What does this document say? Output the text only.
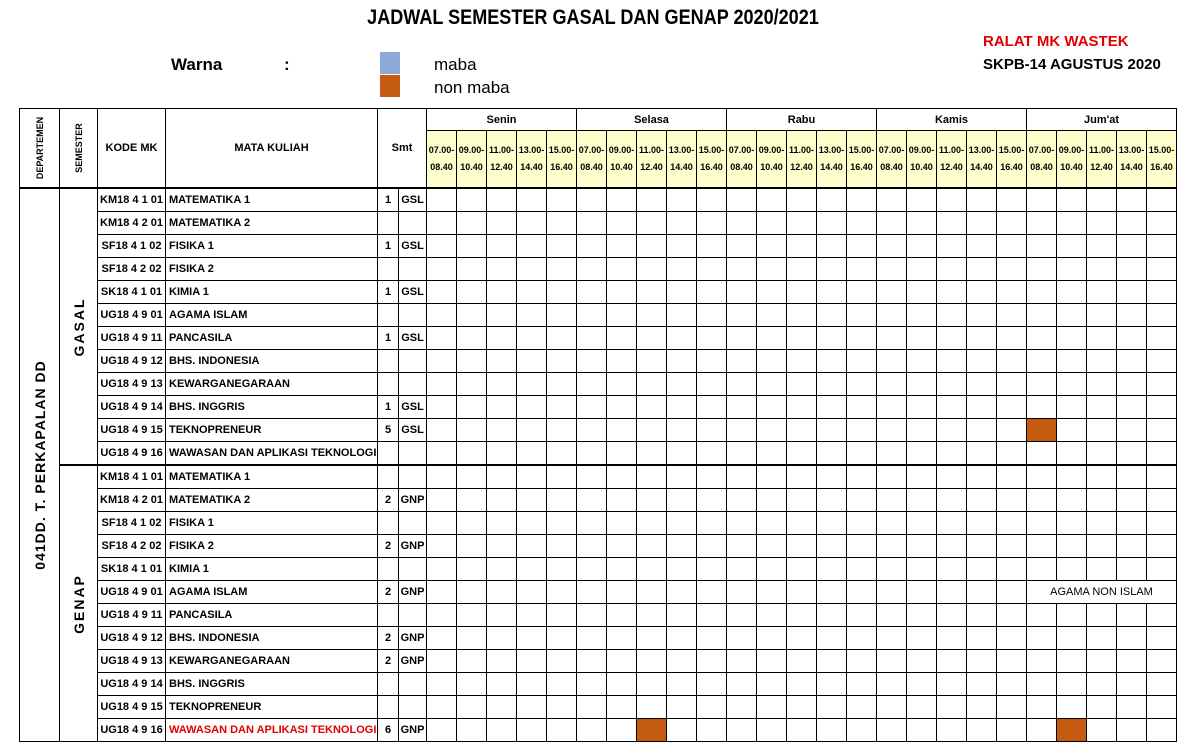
JADWAL SEMESTER GASAL DAN GENAP 2020/2021
Warna	:	maba
non maba
RALAT MK WASTEK
SKPB-14 AGUSTUS 2020
DEPARTEMEN	SEMESTER	KODE MK	MATA KULIAH	Smt		Senin					Selasa					Rabu					Kamis					Jum'at				
						07.00- 08.40	09.00- 10.40	11.00- 12.40	13.00- 14.40	15.00- 16.40	07.00- 08.40	09.00- 10.40	11.00- 12.40	13.00- 14.40	15.00- 16.40	07.00- 08.40	09.00- 10.40	11.00- 12.40	13.00- 14.40	15.00- 16.40	07.00- 08.40	09.00- 10.40	11.00- 12.40	13.00- 14.40	15.00- 16.40	07.00- 08.40	09.00- 10.40	11.00- 12.40	13.00- 14.40	15.00- 16.40

041DD. T. PERKAPALAN DD	GASAL	KM18 4 1 01	MATEMATIKA 1	1	GSL																									
		KM18 4 2 01	MATEMATIKA 2																											
		SF18 4 1 02	FISIKA 1	1	GSL																									
		SF18 4 2 02	FISIKA 2																											
		SK18 4 1 01	KIMIA 1	1	GSL																									
		UG18 4 9 01	AGAMA ISLAM																											
		UG18 4 9 11	PANCASILA	1	GSL																									
		UG18 4 9 12	BHS. INDONESIA																											
		UG18 4 9 13	KEWARGANEGARAAN																											
		UG18 4 9 14	BHS. INGGRIS	1	GSL																									
		UG18 4 9 15	TEKNOPRENEUR	5	GSL																									
		UG18 4 9 16	WAWASAN DAN APLIKASI TEKNOLOGI																											

	GENAP	KM18 4 1 01	MATEMATIKA 1																											
		KM18 4 2 01	MATEMATIKA 2	2	GNP																									
		SF18 4 1 02	FISIKA 1																											
		SF18 4 2 02	FISIKA 2	2	GNP																									
		SK18 4 1 01	KIMIA 1																											
		UG18 4 9 01	AGAMA ISLAM	2	GNP																					AGAMA NON ISLAM				
		UG18 4 9 11	PANCASILA																											
		UG18 4 9 12	BHS. INDONESIA	2	GNP																									
		UG18 4 9 13	KEWARGANEGARAAN	2	GNP																									
		UG18 4 9 14	BHS. INGGRIS																											
		UG18 4 9 15	TEKNOPRENEUR																											
		UG18 4 9 16	WAWASAN DAN APLIKASI TEKNOLOGI	6	GNP																									
